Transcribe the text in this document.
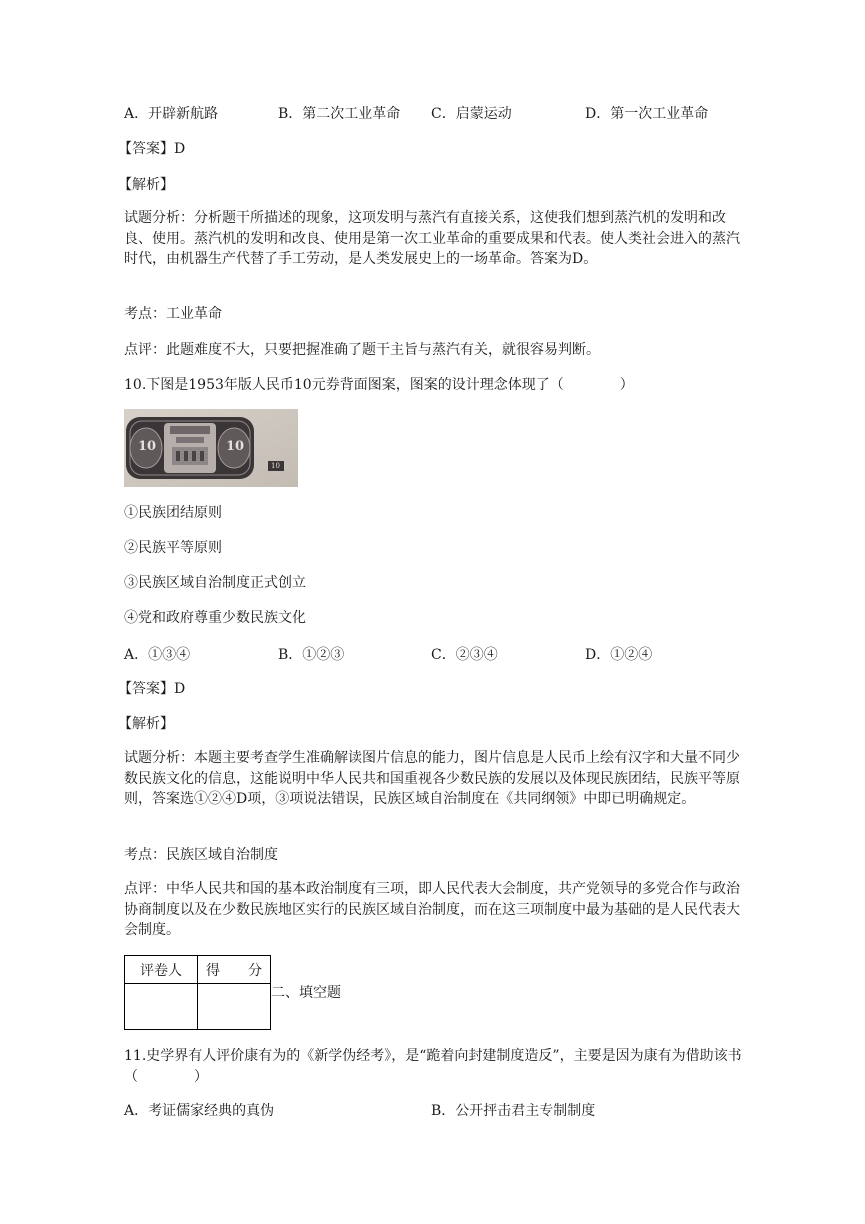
A．开辟新航路	B．第二次工业革命 C．启蒙运动	D．第一次工业革命
【答案】D
【解析】
试题分析：分析题干所描述的现象，这项发明与蒸汽有直接关系，这使我们想到蒸汽机的发明和改良、使用。蒸汽机的发明和改良、使用是第一次工业革命的重要成果和代表。使人类社会进入的蒸汽时代，由机器生产代替了手工劳动，是人类发展史上的一场革命。答案为D。
考点：工业革命
点评：此题难度不大，只要把握准确了题干主旨与蒸汽有关，就很容易判断。
10.下图是1953年版人民币10元券背面图案，图案的设计理念体现了（　　　　）
10	10
10
①民族团结原则
②民族平等原则
③民族区域自治制度正式创立
④党和政府尊重少数民族文化
A．①③④	B．①②③	C．②③④	D．①②④
【答案】D
【解析】
试题分析：本题主要考查学生准确解读图片信息的能力，图片信息是人民币上绘有汉字和大量不同少数民族文化的信息，这能说明中华人民共和国重视各少数民族的发展以及体现民族团结，民族平等原则，答案选①②④D项，③项说法错误，民族区域自治制度在《共同纲领》中即已明确规定。
考点：民族区域自治制度
点评：中华人民共和国的基本政治制度有三项，即人民代表大会制度，共产党领导的多党合作与政治协商制度以及在少数民族地区实行的民族区域自治制度，而在这三项制度中最为基础的是人民代表大会制度。
评卷人	得　　分

二、填空题
11.史学界有人评价康有为的《新学伪经考》，是“跪着向封建制度造反”，主要是因为康有为借助该书（　　　　）
A．考证儒家经典的真伪	B．公开抨击君主专制制度
